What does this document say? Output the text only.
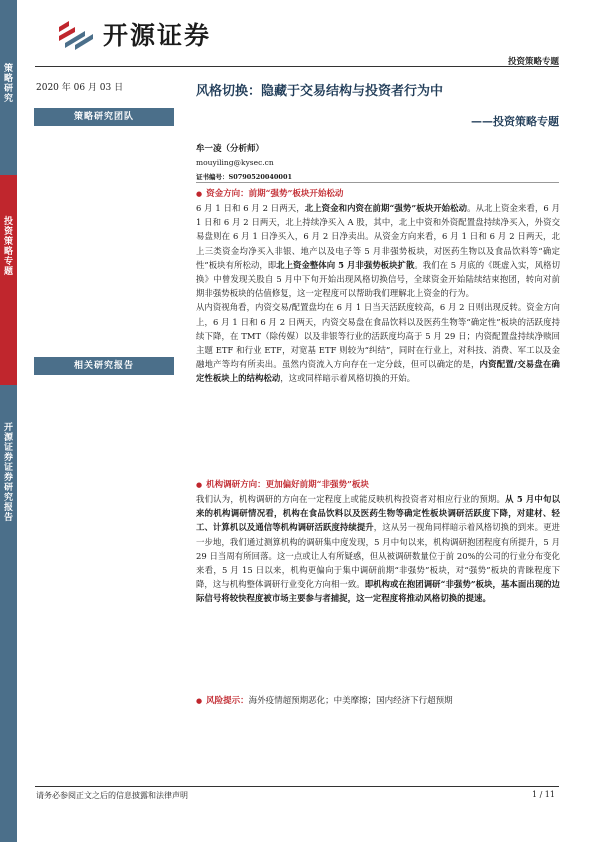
策略研究
投资策略专题
开源证券 证券研究报告
开源证券
投资策略专题
2020 年 06 月 03 日
策略研究团队
相关研究报告
风格切换：隐藏于交易结构与投资者行为中
——投资策略专题
牟一凌（分析师）
mouyiling@kysec.cn
证书编号：S0790520040001
● 资金方向：前期“强势”板块开始松动

6 月 1 日和 6 月 2 日两天，北上资金和内资在前期“强势”板块开始松动。从北上资金来看，6 月 1 日和 6 月 2 日两天，北上持续净买入 A 股，其中，北上中资和外资配置盘持续净买入，外资交易盘则在 6 月 1 日净买入，6 月 2 日净卖出。从资金方向来看，6 月 1 日和 6 月 2 日两天，北上三类资金均净买入非银、地产以及电子等 5 月非强势板块，对医药生物以及食品饮料等“确定性”板块有所松动，即北上资金整体向 5 月非强势板块扩散。我们在 5 月底的《既虚入实，风格切换》中曾发现关股自 5 月中下旬开始出现风格切换信号，全球资金开始陆续结束抱团，转向对前期非强势板块的估值修复，这一定程度可以帮助我们理解北上资金的行为。

从内资视角看，内资交易/配置盘均在 6 月 1 日当天活跃度较高，6 月 2 日则出现反转。资金方向上，6 月 1 日和 6 月 2 日两天，内资交易盘在食品饮料以及医药生物等“确定性”板块的活跃度持续下降，在 TMT（除传媒）以及非银等行业的活跃度均高于 5 月 29 日；内资配置盘持续净赎回主题 ETF 和行业 ETF，对宽基 ETF 则较为“纠结”，同时在行业上，对科技、消费、军工以及金融地产等均有所卖出。虽然内资流入方向存在一定分歧，但可以确定的是，内资配置/交易盘在确定性板块上的结构松动，这或同样暗示着风格切换的开始。

● 机构调研方向：更加偏好前期“非强势”板块

我们认为，机构调研的方向在一定程度上或能反映机构投资者对相应行业的预期。从 5 月中旬以来的机构调研情况看，机构在食品饮料以及医药生物等确定性板块调研活跃度下降，对建材、轻工、计算机以及通信等机构调研活跃度持续提升，这从另一视角同样暗示着风格切换的到来。更进一步地，我们通过测算机构的调研集中度发现，5 月中旬以来，机构调研抱团程度有所提升，5 月 29 日当周有所回落。这一点或让人有所疑惑，但从被调研数量位于前 20%的公司的行业分布变化来看，5 月 15 日以来，机构更偏向于集中调研前期“非强势”板块，对“强势”板块的青睐程度下降，这与机构整体调研行业变化方向相一致。即机构或在抱团调研“非强势”板块，基本面出现的边际信号将较快程度被市场主要参与者捕捉，这一定程度将推动风格切换的提速。

● 风险提示： 海外疫情超预期恶化；中美摩擦；国内经济下行超预期
请务必参阅正文之后的信息披露和法律声明	1 / 11
